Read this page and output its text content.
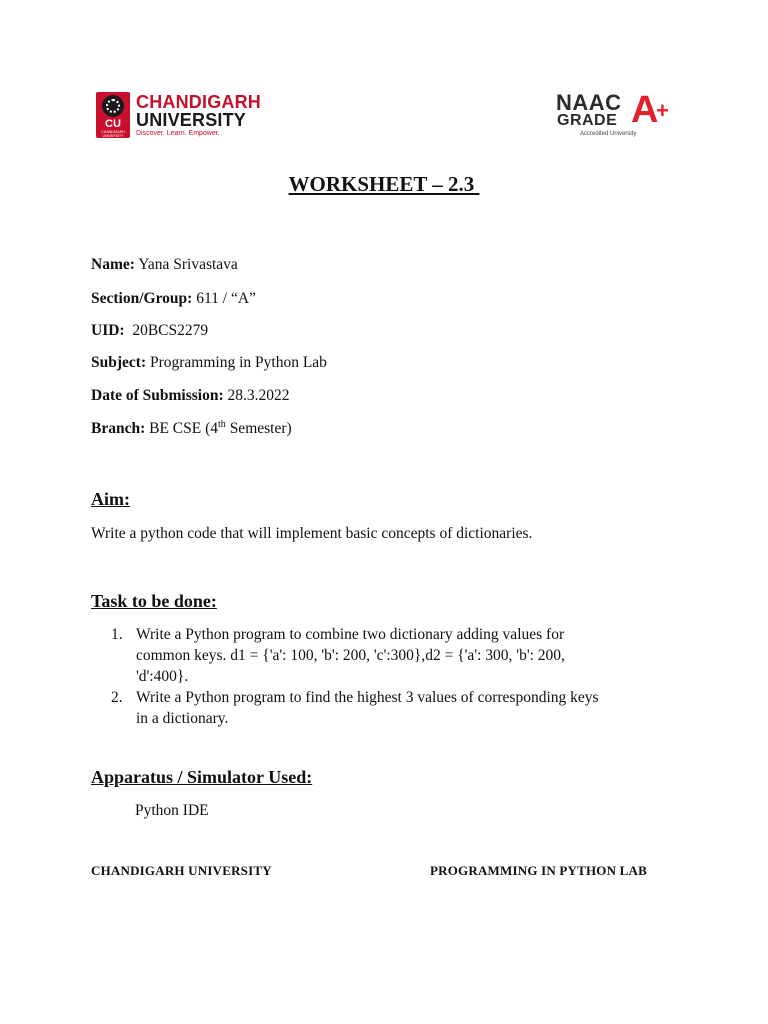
CU
CHANDIGARH UNIVERSITY
CHANDIGARH
UNIVERSITY
Discover. Learn. Empower.
NAAC
GRADE A
+
Accredited University
WORKSHEET – 2.3
Name: Yana Srivastava
Section/Group: 611 / “A”
UID:  20BCS2279
Subject: Programming in Python Lab
Date of Submission: 28.3.2022
Branch: BE CSE (4th Semester)
Aim:
Write a python code that will implement basic concepts of dictionaries.
Task to be done:
1. Write a Python program to combine two dictionary adding values for
common keys. d1 = {'a': 100, 'b': 200, 'c':300},d2 = {'a': 300, 'b': 200,
'd':400}.
2. Write a Python program to find the highest 3 values of corresponding keys
in a dictionary.
Apparatus / Simulator Used:
Python IDE
CHANDIGARH UNIVERSITY	PROGRAMMING IN PYTHON LAB
